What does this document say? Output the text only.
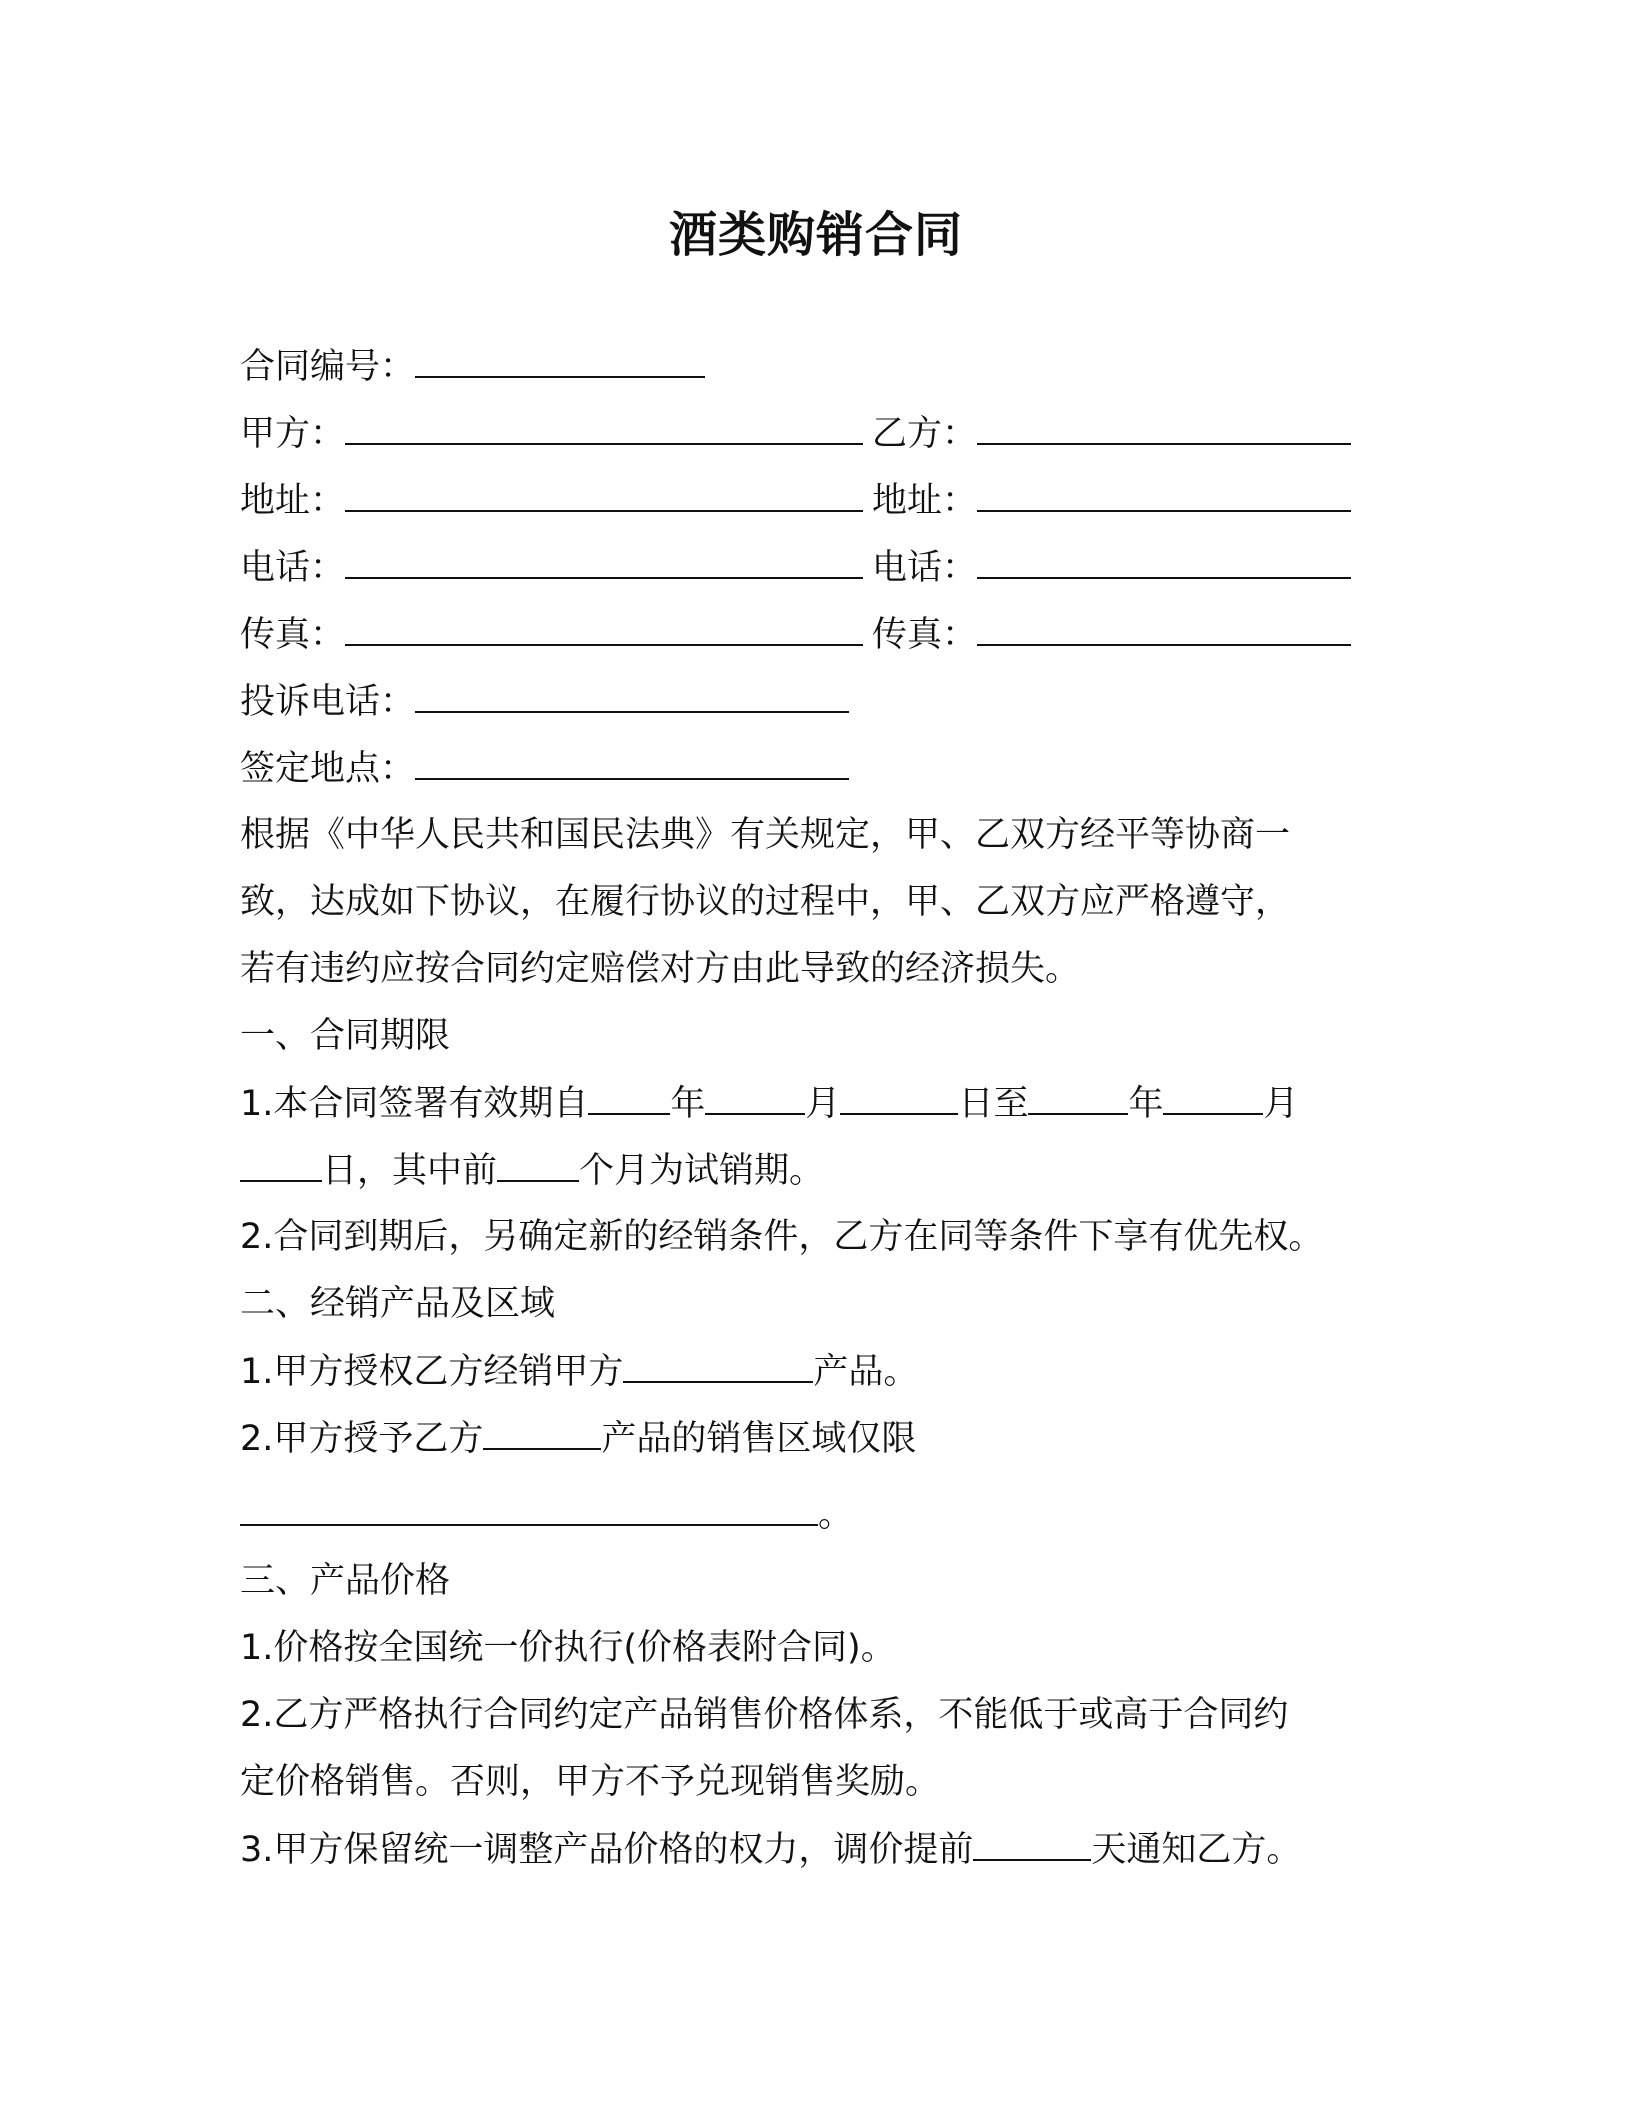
酒类购销合同
合同编号：
甲方：	乙方：
地址：	地址：
电话：	电话：
传真：	传真：
投诉电话：
签定地点：
根据《中华人民共和国民法典》有关规定，甲、乙双方经平等协商一
致，达成如下协议，在履行协议的过程中，甲、乙双方应严格遵守，
若有违约应按合同约定赔偿对方由此导致的经济损失。
一、合同期限
1.本合同签署有效期自 年	月	日至	年	月
日，其中前 个月为试销期。
2.合同到期后，另确定新的经销条件，乙方在同等条件下享有优先权。
二、经销产品及区域
1.甲方授权乙方经销甲方	产品。
2.甲方授予乙方	产品的销售区域仅限
。
三、产品价格
1.价格按全国统一价执行(价格表附合同)。
2.乙方严格执行合同约定产品销售价格体系，不能低于或高于合同约
定价格销售。否则，甲方不予兑现销售奖励。
3.甲方保留统一调整产品价格的权力，调价提前	天通知乙方。
